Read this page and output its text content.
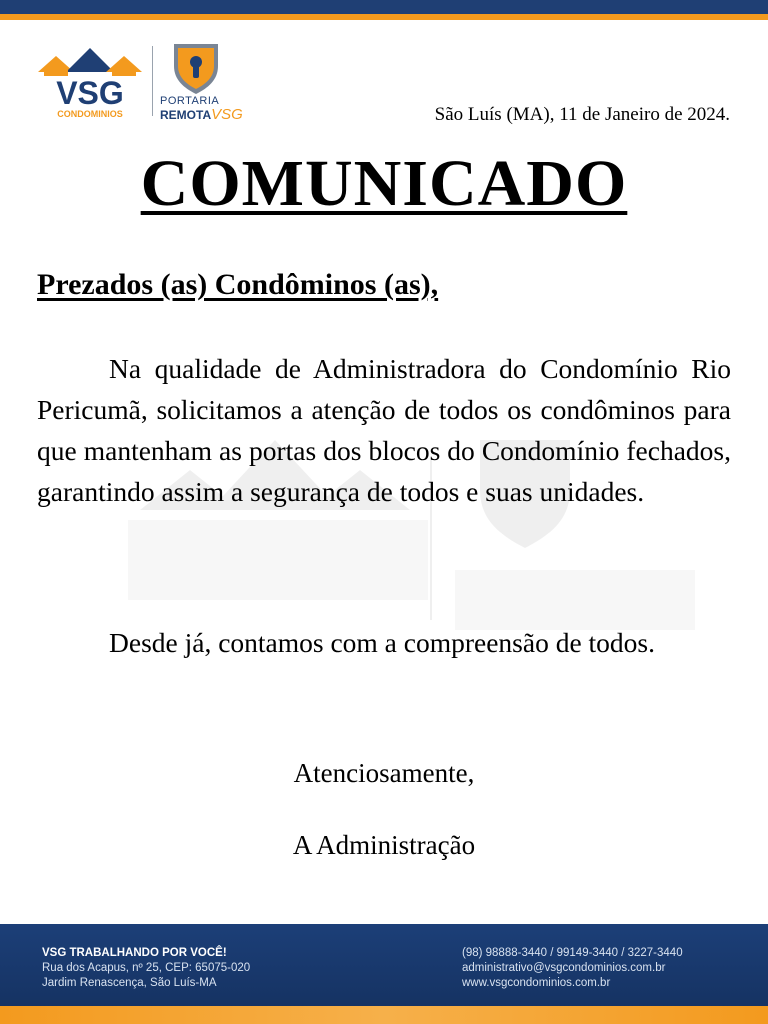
VSG
CONDOMINIOS
PORTARIA
REMOTAVSG	São Luís (MA), 11 de Janeiro de 2024.
COMUNICADO
Prezados (as) Condôminos (as),

Na qualidade de Administradora do Condomínio Rio Pericumã, solicitamos a atenção de todos os condôminos para que mantenham as portas dos blocos do Condomínio fechados, garantindo assim a segurança de todos e suas unidades.

Desde já, contamos com a compreensão de todos.

Atenciosamente,
A Administração
VSG TRABALHANDO POR VOCÊ!
Rua dos Acapus, nº 25, CEP: 65075-020
Jardim Renascença, São Luís-MA
(98) 98888-3440 / 99149-3440 / 3227-3440
administrativo@vsgcondominios.com.br
www.vsgcondominios.com.br
